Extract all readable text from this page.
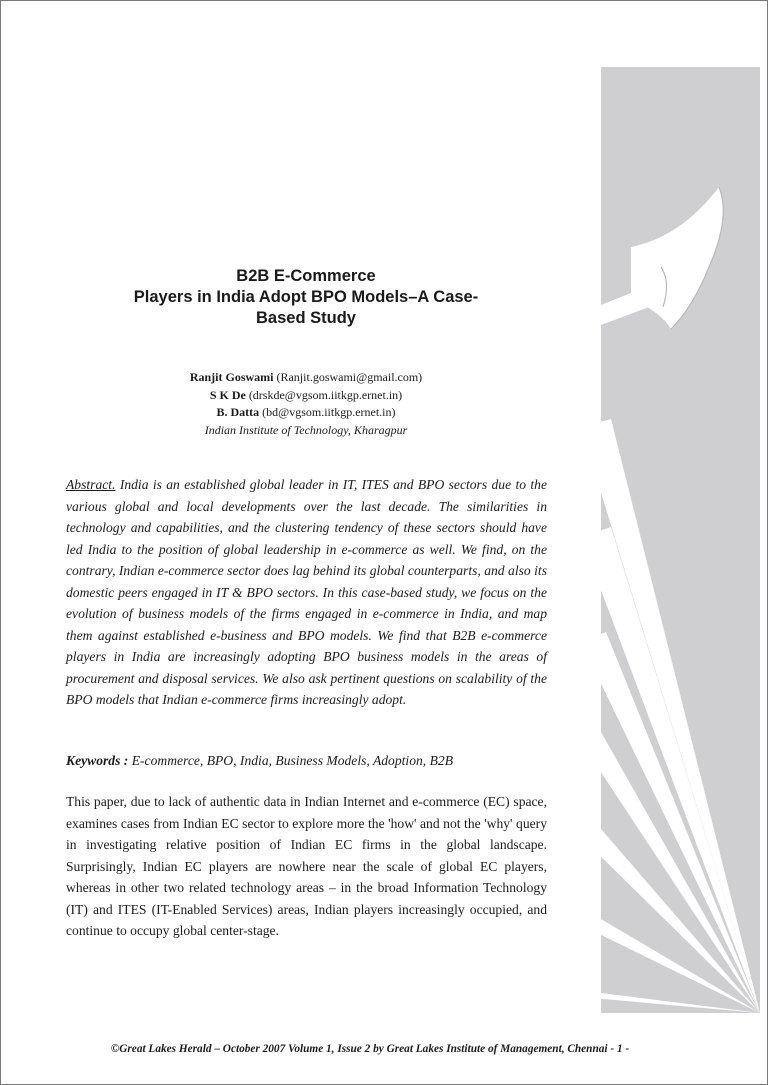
B2B E-Commerce
Players in India Adopt BPO Models–A Case-
Based Study
Ranjit Goswami (Ranjit.goswami@gmail.com)
S K De (drskde@vgsom.iitkgp.ernet.in)
B. Datta (bd@vgsom.iitkgp.ernet.in)
Indian Institute of Technology, Kharagpur
Abstract. India is an established global leader in IT, ITES and BPO sectors due to the various global and local developments over the last decade. The similarities in technology and capabilities, and the clustering tendency of these sectors should have led India to the position of global leadership in e-commerce as well. We find, on the contrary, Indian e-commerce sector does lag behind its global counterparts, and also its domestic peers engaged in IT & BPO sectors. In this case-based study, we focus on the evolution of business models of the firms engaged in e-commerce in India, and map them against established e-business and BPO models. We find that B2B e-commerce players in India are increasingly adopting BPO business models in the areas of procurement and disposal services. We also ask pertinent questions on scalability of the BPO models that Indian e-commerce firms increasingly adopt.
Keywords : E-commerce, BPO, India, Business Models, Adoption, B2B
This paper, due to lack of authentic data in Indian Internet and e-commerce (EC) space, examines cases from Indian EC sector to explore more the 'how' and not the 'why' query in investigating relative position of Indian EC firms in the global landscape. Surprisingly, Indian EC players are nowhere near the scale of global EC players, whereas in other two related technology areas – in the broad Information Technology (IT) and ITES (IT-Enabled Services) areas, Indian players increasingly occupied, and continue to occupy global center-stage.
©Great Lakes Herald – October 2007 Volume 1, Issue 2 by Great Lakes Institute of Management, Chennai - 1 -
